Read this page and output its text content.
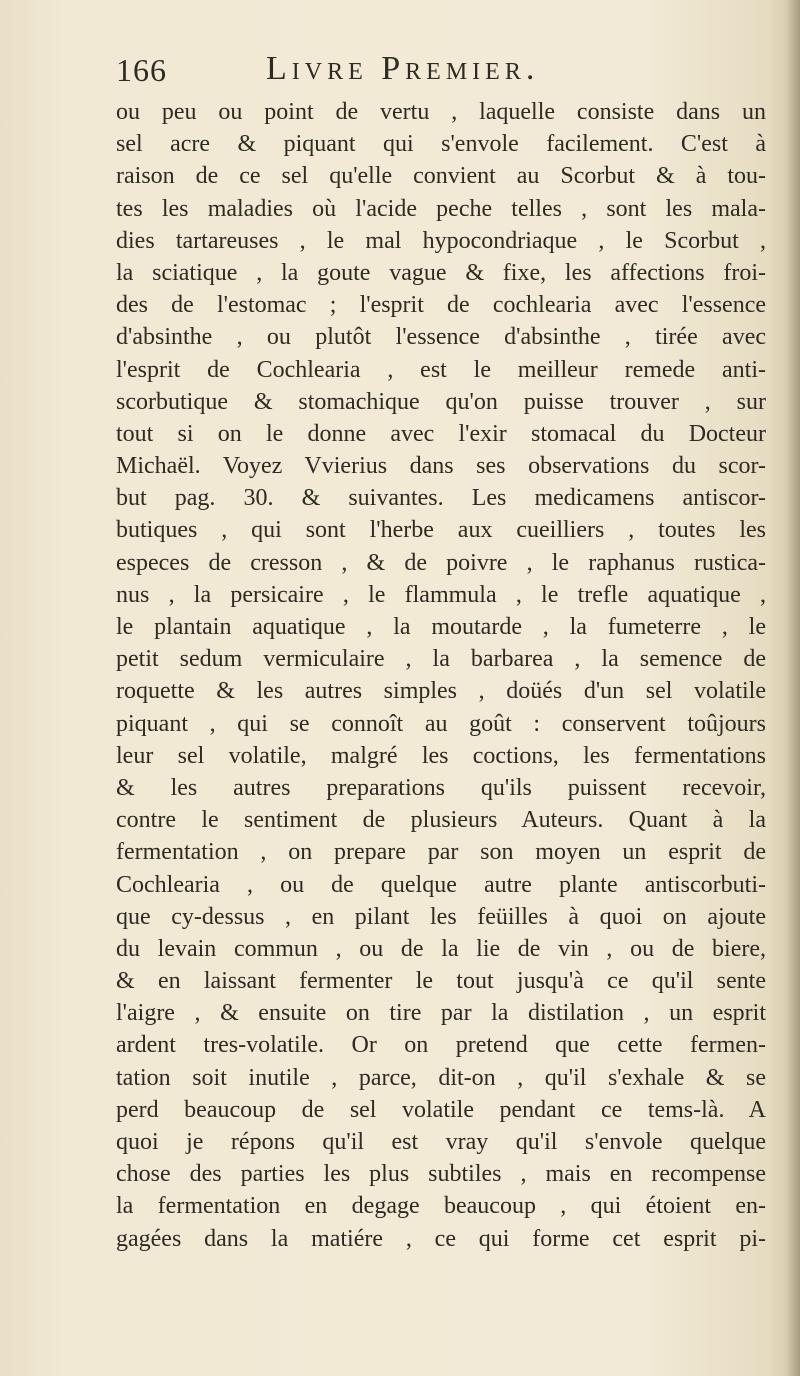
166	Livre Premier.
ou peu ou point de vertu , laquelle consiste dans un
sel acre & piquant qui s'envole facilement. C'est à
raison de ce sel qu'elle convient au Scorbut & à tou-
tes les maladies où l'acide peche telles , sont les mala-
dies tartareuses , le mal hypocondriaque , le Scorbut ,
la sciatique , la goute vague & fixe, les affections froi-
des de l'estomac ; l'esprit de cochlearia avec l'essence
d'absinthe , ou plutôt l'essence d'absinthe , tirée avec
l'esprit de Cochlearia , est le meilleur remede anti-
scorbutique & stomachique qu'on puisse trouver , sur
tout si on le donne avec l'exir stomacal du Docteur
Michaël. Voyez Vvierius dans ses observations du scor-
but pag. 30. & suivantes. Les medicamens antiscor-
butiques , qui sont l'herbe aux cueilliers , toutes les
especes de cresson , & de poivre , le raphanus rustica-
nus , la persicaire , le flammula , le trefle aquatique ,
le plantain aquatique , la moutarde , la fumeterre , le
petit sedum vermiculaire , la barbarea , la semence de
roquette & les autres simples , doüés d'un sel volatile
piquant , qui se connoît au goût : conservent toûjours
leur sel volatile, malgré les coctions, les fermentations
& les autres preparations qu'ils puissent recevoir,
contre le sentiment de plusieurs Auteurs. Quant à la
fermentation , on prepare par son moyen un esprit de
Cochlearia , ou de quelque autre plante antiscorbuti-
que cy-dessus , en pilant les feüilles à quoi on ajoute
du levain commun , ou de la lie de vin , ou de biere,
& en laissant fermenter le tout jusqu'à ce qu'il sente
l'aigre , & ensuite on tire par la distilation , un esprit
ardent tres-volatile. Or on pretend que cette fermen-
tation soit inutile , parce, dit-on , qu'il s'exhale & se
perd beaucoup de sel volatile pendant ce tems-là. A
quoi je répons qu'il est vray qu'il s'envole quelque
chose des parties les plus subtiles , mais en recompense
la fermentation en degage beaucoup , qui étoient en-
gagées dans la matiére , ce qui forme cet esprit pi-
